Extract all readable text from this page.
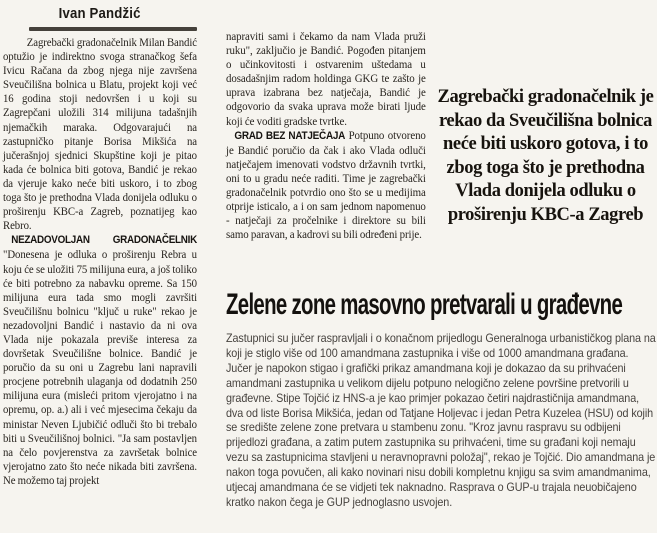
Ivan Pandžić

Zagrebački gradonačelnik Milan Bandić optužio je indirektno svoga stranačkog šefa Ivicu Račana da zbog njega nije završena Sveučilišna bolnica u Blatu, projekt koji već 16 godina stoji nedovršen i u koji su Zagrepčani uložili 314 milijuna tadašnjih njemačkih maraka. Odgovarajući na zastupničko pitanje Borisa Mikšića na jučerašnjoj sjednici Skupštine koji je pitao kada će bolnica biti gotova, Bandić je rekao da vjeruje kako neće biti uskoro, i to zbog toga što je prethodna Vlada donijela odluku o proširenju KBC-a Zagreb, poznatijeg kao Rebro.

NEZADOVOLJAN GRADONAČELNIK "Donesena je odluka o proširenju Rebra u koju će se uložiti 75 milijuna eura, a još toliko će biti potrebno za nabavku opreme. Sa 150 milijuna eura tada smo mogli završiti Sveučilišnu bolnicu "ključ u ruke" rekao je nezadovoljni Bandić i nastavio da ni ova Vlada nije pokazala previše interesa za dovršetak Sveučilišne bolnice. Bandić je poručio da su oni u Zagrebu lani napravili procjene potrebnih ulaganja od dodatnih 250 milijuna eura (misleći pritom vjerojatno i na opremu, op. a.) ali i već mjesecima čekaju da ministar Neven Ljubičić odluči što bi trebalo biti u Sveučilišnoj bolnici. "Ja sam postavljen na čelo povjerenstva za završetak bolnice vjerojatno zato što neće nikada biti završena. Ne možemo taj projekt

napraviti sami i čekamo da nam Vlada pruži ruku", zaključio je Bandić. Pogođen pitanjem o učinkovitosti i ostvarenim uštedama u dosadašnjim radom holdinga GKG te zašto je uprava izabrana bez natječaja, Bandić je odgovorio da svaka uprava može birati ljude koji će voditi gradske tvrtke.

GRAD BEZ NATJEČAJA Potpuno otvoreno je Bandić poručio da čak i ako Vlada odluči natječajem imenovati vodstvo državnih tvrtki, oni to u gradu neće raditi. Time je zagrebački gradonačelnik potvrdio ono što se u medijima otprije isticalo, a i on sam jednom napomenuo - natječaji za pročelnike i direktore su bili samo paravan, a kadrovi su bili određeni prije.

Zagrebački gradonačelnik je rekao da Sveučilišna bolnica neće biti uskoro gotova, i to zbog toga što je prethodna Vlada donijela odluku o proširenju KBC-a Zagreb
Zelene zone masovno pretvarali u građevne
Zastupnici su jučer raspravljali i o konačnom prijedlogu Generalnoga urbanističkog plana na koji je stiglo više od 100 amandmana zastupnika i više od 1000 amandmana građana. Jučer je napokon stigao i grafički prikaz amandmana koji je dokazao da su prihvaćeni amandmani zastupnika u velikom dijelu potpuno nelogično zelene površine pretvorili u građevne. Stipe Tojčić iz HNS-a je kao primjer pokazao četiri najdrastičnija amandmana, dva od liste Borisa Mikšića, jedan od Tatjane Holjevac i jedan Petra Kuzelea (HSU) od kojih se središte zelene zone pretvara u stambenu zonu. "Kroz javnu raspravu su odbijeni prijedlozi građana, a zatim putem zastupnika su prihvaćeni, time su građani koji nemaju vezu sa zastupnicima stavljeni u neravnopravni položaj", rekao je Tojčić. Dio amandmana je nakon toga povučen, ali kako novinari nisu dobili kompletnu knjigu sa svim amandmanima, utjecaj amandmana će se vidjeti tek naknadno. Rasprava o GUP-u trajala neuobičajeno kratko nakon čega je GUP jednoglasno usvojen.
